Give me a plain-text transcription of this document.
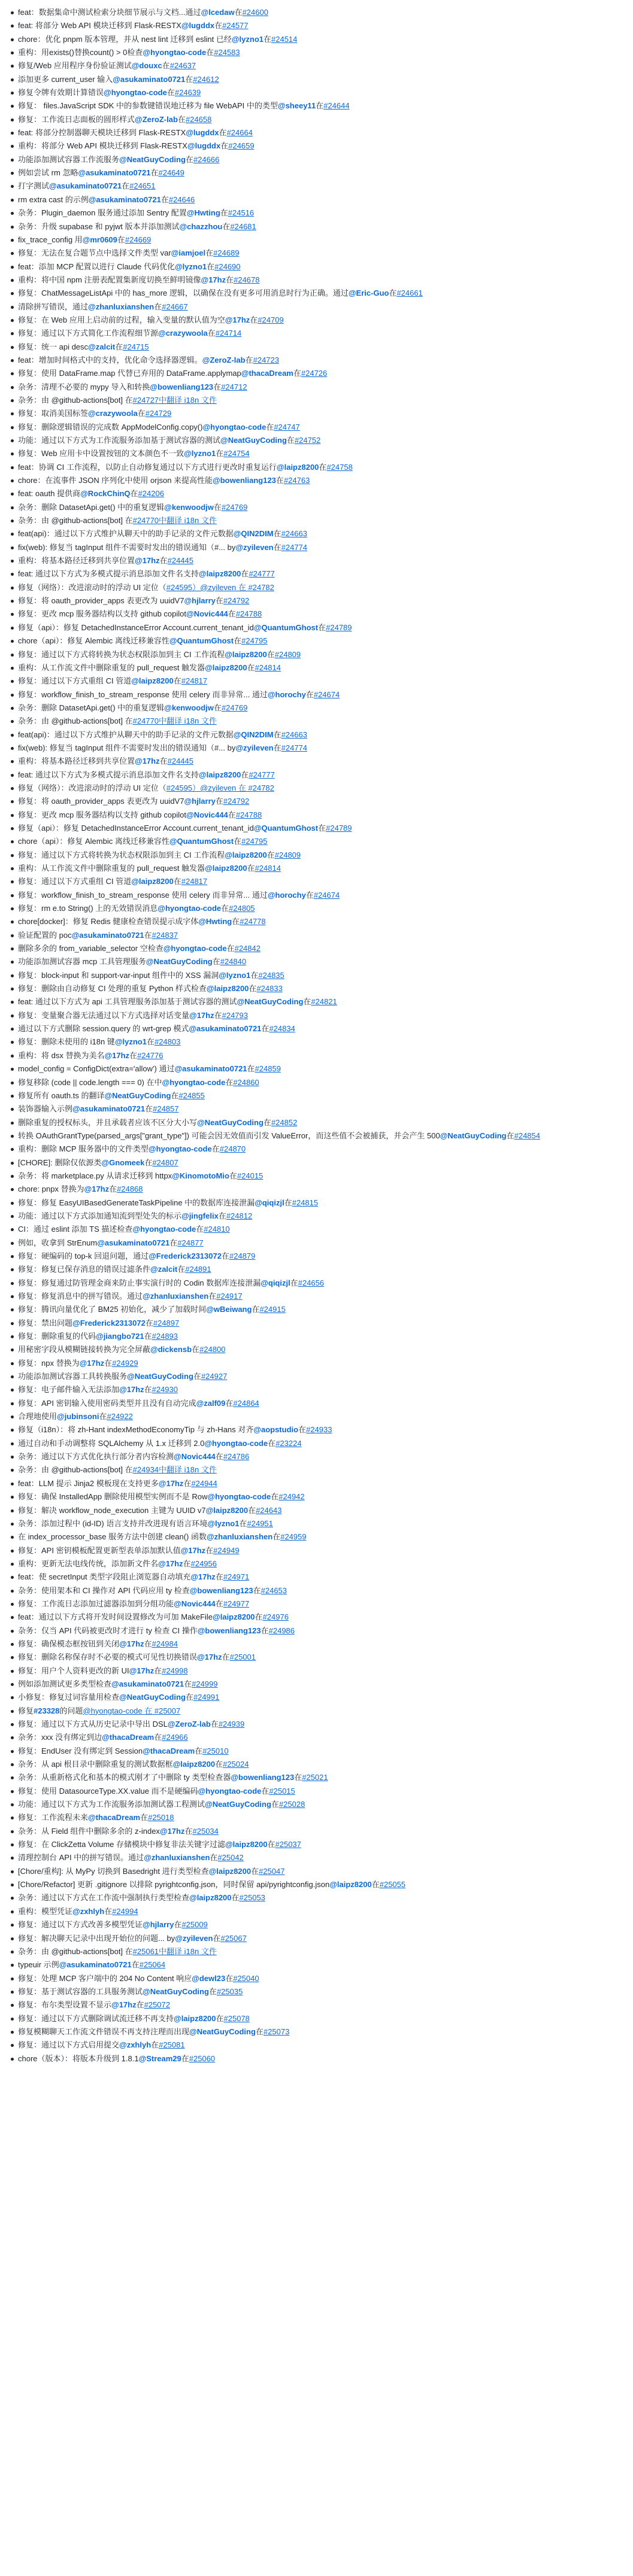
feat：数据集命中测试检索分块细节展示与文档...通过@lcedaw在#24600
feat: 将部分 Web API 模块迁移到 Flask-RESTX@lugddx在#24577
chore：优化 pnpm 版本管理，并从 nest lint 迁移到 eslint 已经@lyzno1在#24514
重构：用exists()替换count() > 0检查@hyongtao-code在#24583
修复/Web 应用程序身份验证测试@douxc在#24637
添加更多 current_user 输入@asukaminato0721在#24612
修复令牌有效期计算错误@hyongtao-code在#24639
修复： files.JavaScript SDK 中的参数键错误地迁移为 file WebAPI 中的类型@sheey11在#24644
修复：工作流日志面板的圆形样式@ZeroZ-lab在#24658
feat: 将部分控制器聊天模块迁移到 Flask-RESTX@lugddx在#24664
重构：将部分 Web API 模块迁移到 Flask-RESTX@lugddx在#24659
功能添加测试容器工作流服务@NeatGuyCoding在#24666
例如尝试 rm 忽略@asukaminato0721在#24649
打字测试@asukaminato0721在#24651
rm extra cast 的示例@asukaminato0721在#24646
杂务：Plugin_daemon 服务通过添加 Sentry 配置@Hwting在#24516
杂务：升级 supabase 和 pyjwt 版本并添加测试@chazzhou在#24681
fix_trace_config 用@mr0609在#24669
修复：无法在复合题节点中选择文件类型 var@iamjoel在#24689
feat：添加 MCP 配置以进行 Claude 代码优化@lyzno1在#24690
重构：将中国 npm 注册表配置集新度切换至鲜明镜像@17hz在#24678
修复：ChatMessageListApi 中的 has_more 逻辑，以确保在没有更多可用消息时行为正确。通过@Eric-Guo在#24661
清除拼写错误，通过@zhanluxianshen在#24667
修复：在 Web 应用上启动前的过程，输入变量的默认值为空@17hz在#24709
修复：通过以下方式简化工作流程细节源@crazywoola在#24714
修复：统一 api desc@zalcit在#24715
feat：增加时间格式中的支持，优化命令选择器逻辑。@ZeroZ-lab在#24723
修复：使用 DataFrame.map 代替已弃用的 DataFrame.applymap@thacaDream在#24726
杂务：清理不必要的 mypy 导入和转换@bowenliang123在#24712
杂务：由 @github-actions[bot] 在#24727中翻译 i18n 文件
修复：取消美国标签@crazywoola在#24729
修复：删除逻辑错误的完成数 AppModelConfig.copy()@hyongtao-code在#24747
功能：通过以下方式为工作流服务添加基于测试容器的测试@NeatGuyCoding在#24752
修复：Web 应用卡中设置按钮的文本颜色不一致@lyzno1在#24754
feat：协调 CI 工作流程，以防止自动修复通过以下方式进行更改时重复运行@laipz8200在#24758
chore：在流事件 JSON 序列化中使用 orjson 来提高性能@bowenliang123在#24763
feat: oauth 提供商@RockChinQ在#24206
杂务：删除 DatasetApi.get() 中的重复逻辑@kenwoodjw在#24769
杂务：由 @github-actions[bot] 在#24770中翻译 i18n 文件
feat(api)：通过以下方式维护从聊天中的助手记录的文件元数据@QIN2DIM在#24663
fix(web): 修复当 tagInput 组件不需要时发出的错误通知（#... by@zyileven在#24774
重构：将基本路径迁移到共享位置@17hz在#24445
feat: 通过以下方式为多模式提示消息添加文件名支持@laipz8200在#24777
修复（网络）：改进滚动时的浮动 UI 定位（#24595）@zyileven 在 #24782
修复：将 oauth_provider_apps 表更改为 uuidV7@hjlarry在#24792
修复：更改 mcp 服务器结构以支持 github copilot@Novic444在#24788
修复（api）：修复 DetachedInstanceError Account.current_tenant_id@QuantumGhost在#24789
chore（api）：修复 Alembic 离线迁移兼容性@QuantumGhost在#24795
修复：通过以下方式将转换为状态权限添加到主 CI 工作流程@laipz8200在#24809
重构：从工作流文件中删除重复的 pull_request 触发器@laipz8200在#24814
修复：通过以下方式重组 CI 管道@laipz8200在#24817
修复：workflow_finish_to_stream_response 使用 celery 而非异常... 通过@horochy在#24674
杂务：删除 DatasetApi.get() 中的重复逻辑@kenwoodjw在#24769
杂务：由 @github-actions[bot] 在#24770中翻译 i18n 文件
feat(api)：通过以下方式维护从聊天中的助手记录的文件元数据@QIN2DIM在#24663
fix(web): 修复当 tagInput 组件不需要时发出的错误通知（#... by@zyileven在#24774
重构：将基本路径迁移到共享位置@17hz在#24445
feat: 通过以下方式为多模式提示消息添加文件名支持@laipz8200在#24777
修复（网络）：改进滚动时的浮动 UI 定位（#24595）@zyileven 在 #24782
修复：将 oauth_provider_apps 表更改为 uuidV7@hjlarry在#24792
修复：更改 mcp 服务器结构以支持 github copilot@Novic444在#24788
修复（api）：修复 DetachedInstanceError Account.current_tenant_id@QuantumGhost在#24789
chore（api）：修复 Alembic 离线迁移兼容性@QuantumGhost在#24795
修复：通过以下方式将转换为状态权限添加到主 CI 工作流程@laipz8200在#24809
重构：从工作流文件中删除重复的 pull_request 触发器@laipz8200在#24814
修复：通过以下方式重组 CI 管道@laipz8200在#24817
修复：workflow_finish_to_stream_response 使用 celery 而非异常... 通过@horochy在#24674
修复：rm e.to String() 上的无效错误消息@hyongtao-code在#24805
chore[docker]：修复 Redis 健康检查错误提示成字体@Hwting在#24778
验证配置的 poc@asukaminato0721在#24837
删除多余的 from_variable_selector 空检查@hyongtao-code在#24842
功能添加测试容器 mcp 工具管理服务@NeatGuyCoding在#24840
修复：block-input 和 support-var-input 组件中的 XSS 漏洞@lyzno1在#24835
修复：删除由自动修复 CI 处理的重复 Python 样式检查@laipz8200在#24833
feat: 通过以下方式为 api 工具管理服务添加基于测试容器的测试@NeatGuyCoding在#24821
修复：变量聚合器无法通过以下方式选择对话变量@17hz在#24793
通过以下方式删除 session.query 的 wrt-grep 模式@asukaminato0721在#24834
修复：删除未使用的 i18n 键@lyzno1在#24803
重构：将 dsx 替换为美名@17hz在#24776
model_config = ConfigDict(extra='allow') 通过@asukaminato0721在#24859
修复移除 (code || code.length === 0) 在中@hyongtao-code在#24860
修复所有 oauth.ts 的翻译@NeatGuyCoding在#24855
装饰器输入示例@asukaminato0721在#24857
删除重复的授权标头，并且承载者应该不区分大小写@NeatGuyCoding在#24852
转换 OAuthGrantType(parsed_args["grant_type"]) 可能会因无效值而引发 ValueError，而这些值不会被捕获，并会产生 500@NeatGuyCoding在#24854
重构：删除 MCP 服务器中的文件类型@hyongtao-code在#24870
[CHORE]: 删除仅依源类@Gnomeek在#24807
杂务：将 marketplace.py 从请求迁移到 httpx@KinomotoMio在#24015
chore: pnpx 替换为@17hz在#24868
修复：修复 EasyUIBasedGenerateTaskPipeline 中的数据库连接泄漏@qiqizjl在#24815
功能：通过以下方式添加通知流到型处失的标示@jingfelix在#24812
CI：通过 eslint 添加 TS 描述检查@hyongtao-code在#24810
例如，收拿到 StrEnum@asukaminato0721在#24877
修复：硬编码的 top-k 回退问题，通过@Frederick2313072在#24879
修复：修复已保存消息的错误过滤条件@zalcit在#24891
修复：修复通过防管理金商来防止事实演行时的 Codin 数据库连接泄漏@qiqizjl在#24656
修复：修复消息中的拼写错误。通过@zhanluxianshen在#24917
修复：腾讯向量优化了 BM25 初始化，减少了加载时间@wBeiwang在#24915
修复：禁出问题@Frederick2313072在#24897
修复：删除重复的代码@jiangbo721在#24893
用秘密字段从模糊链接转换为完全屏蔽@dickensb在#24800
修复：npx 替换为@17hz在#24929
功能添加测试容器工具转换服务@NeatGuyCoding在#24927
修复：电子邮件输入无法添加@17hz在#24930
修复：API 密钥输入使用密码类型并且没有自动完成@zalf09在#24864
合理地使用@jubinsoni在#24922
修复（i18n）：将 zh-Hant indexMethodEconomyTip 与 zh-Hans 对齐@aopstudio在#24933
通过自动和手动调整将 SQLAlchemy 从 1.x 迁移到 2.0@hyongtao-code在#23224
杂务：通过以下方式优化执行部分者内容检测@Novic444在#24786
杂务：由 @github-actions[bot] 在#24934中翻译 i18n 文件
feat：LLM 提示 Jinja2 模板现在支持更多@17hz在#24944
修复：确保 InstalledApp 删除使用模型实例而不是 Row@hyongtao-code在#24942
修复：解决 workflow_node_execution 主键为 UUID v7@laipz8200在#24643
杂务：添加过程中 (id-ID) 语言支持并改进现有语言环境@lyzno1在#24951
在 index_processor_base 服务方法中创建 clean() 函数@zhanluxianshen在#24959
修复：API 密钥模板配置更新型表单添加默认值@17hz在#24949
重构：更新无法电线传统，添加新文件名@17hz在#24956
feat：使 secretInput 类型字段阻止浏览器自动填充@17hz在#24971
杂务：使用架本和 CI 操作对 API 代码应用 ty 检查@bowenliang123在#24653
修复：工作流日志添加过滤器添加到分组功能@Novic444在#24977
feat：通过以下方式将开发时间设置修改为可加 MakeFile@laipz8200在#24976
杂务：仅当 API 代码被更改时才进行 ty 检查 CI 操作@bowenliang123在#24986
修复：确保模态框按钮到关闭@17hz在#24984
修复：删除名称保存时不必要的模式可见性切换错误@17hz在#25001
修复：用户个人资料更改的新 UI@17hz在#24998
例如添加测试更多类型检查@asukaminato0721在#24999
小修复：修复过词容量用检查@NeatGuyCoding在#24991
修复#23328的问题@hyongtao-code 在 #25007
修复：通过以下方式从历史记录中导出 DSL@ZeroZ-lab在#24939
杂务：xxx 没有绑定到边@thacaDream在#24966
修复：EndUser 没有绑定到 Session@thacaDream在#25010
杂务：从 api 根目录中删除重复的测试数据框@laipz8200在#25024
杂务：从重新格式化和基本的模式刚才了中删除 ty 类型检查器@bowenliang123在#25021
修复：使用 DatasourceType.XX.value 而不是硬编码@hyongtao-code在#25015
功能：通过以下方式为工作流服务添加测试器工程测试@NeatGuyCoding在#25028
修复：工作流程未来@thacaDream在#25018
杂务：从 Field 组件中删除多余的 z-index@17hz在#25034
修复：在 ClickZetta Volume 存储模块中修复非法关键字过滤@laipz8200在#25037
清理控制台 API 中的拼写错误。通过@zhanluxianshen在#25042
[Chore/重构]: 从 MyPy 切换到 Basedright 进行类型检查@laipz8200在#25047
[Chore/Refactor] 更新 .gitignore 以排除 pyrightconfig.json，同时保留 api/pyrightconfig.json@laipz8200在#25055
杂务：通过以下方式在工作流中强制执行类型检查@laipz8200在#25053
重构：模型凭证@zxhlyh在#24994
修复：通过以下方式改善多模型凭证@hjlarry在#25009
修复：解决聊天记录中出现开始位的问题... by@zyileven在#25067
杂务：由 @github-actions[bot] 在#25061中翻译 i18n 文件
typeuir 示例@asukaminato0721在#25064
修复：处理 MCP 客户端中的 204 No Content 响应@dewl23在#25040
修复：基于测试容器的工具服务测试@NeatGuyCoding在#25035
修复：布尔类型设置不显示@17hz在#25072
修复：通过以下方式删除调试流迁移不再支持@laipz8200在#25078
修复模糊聊天工作流文件错误不再支持注理而出现@NeatGuyCoding在#25073
修复：通过以下方式启用提交@zxhlyh在#25081
chore（版本）：将版本升级到 1.8.1@Stream29在#25060
